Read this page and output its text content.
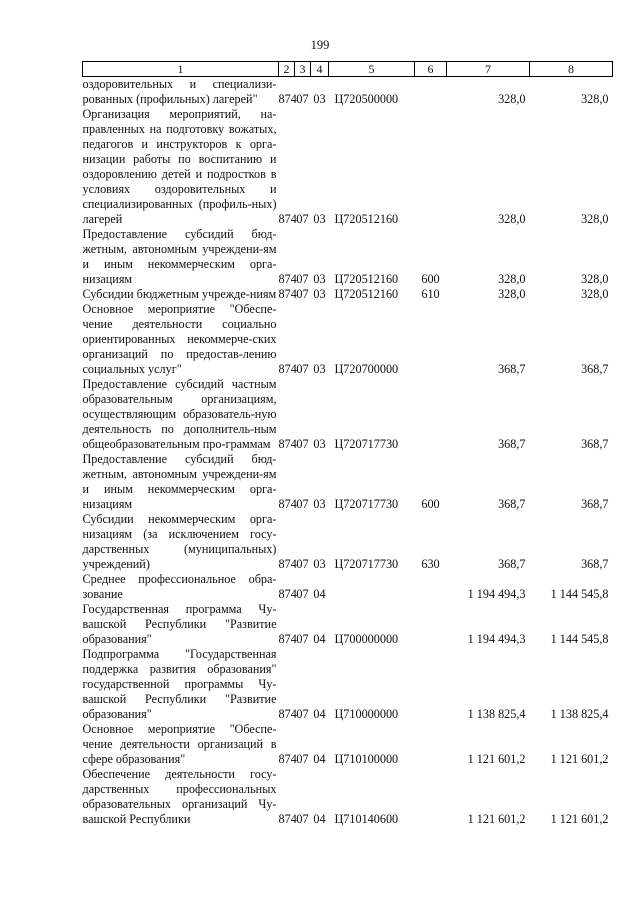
199
1	2	3	4	5	6	7	8
оздоровительных и специализи-рованных (профильных) лагерей"	874	07	03	Ц720500000		328,0	328,0
Организация мероприятий, на-правленных на подготовку вожатых, педагогов и инструкторов к орга-низации работы по воспитанию и оздоровлению детей и подростков в условиях оздоровительных и специализированных (профиль-ных) лагерей	874	07	03	Ц720512160		328,0	328,0
Предоставление субсидий бюд-жетным, автономным учреждени-ям и иным некоммерческим орга-низациям	874	07	03	Ц720512160	600	328,0	328,0
Субсидии бюджетным учрежде-ниям	874	07	03	Ц720512160	610	328,0	328,0
Основное мероприятие "Обеспе-чение деятельности социально ориентированных некоммерче-ских организаций по предостав-лению социальных услуг"	874	07	03	Ц720700000		368,7	368,7
Предоставление субсидий частным образовательным организациям, осуществляющим образователь-ную деятельность по дополнитель-ным общеобразовательным про-граммам	874	07	03	Ц720717730		368,7	368,7
Предоставление субсидий бюд-жетным, автономным учреждени-ям и иным некоммерческим орга-низациям	874	07	03	Ц720717730	600	368,7	368,7
Субсидии некоммерческим орга-низациям (за исключением госу-дарственных (муниципальных) учреждений)	874	07	03	Ц720717730	630	368,7	368,7
Среднее профессиональное обра-зование	874	07	04			1 194 494,3	1 144 545,8
Государственная программа Чу-вашской Республики "Развитие образования"	874	07	04	Ц700000000		1 194 494,3	1 144 545,8
Подпрограмма "Государственная поддержка развития образования" государственной программы Чу-вашской Республики "Развитие образования"	874	07	04	Ц710000000		1 138 825,4	1 138 825,4
Основное мероприятие "Обеспе-чение деятельности организаций в сфере образования"	874	07	04	Ц710100000		1 121 601,2	1 121 601,2
Обеспечение деятельности госу-дарственных профессиональных образовательных организаций Чу-вашской Республики	874	07	04	Ц710140600		1 121 601,2	1 121 601,2
